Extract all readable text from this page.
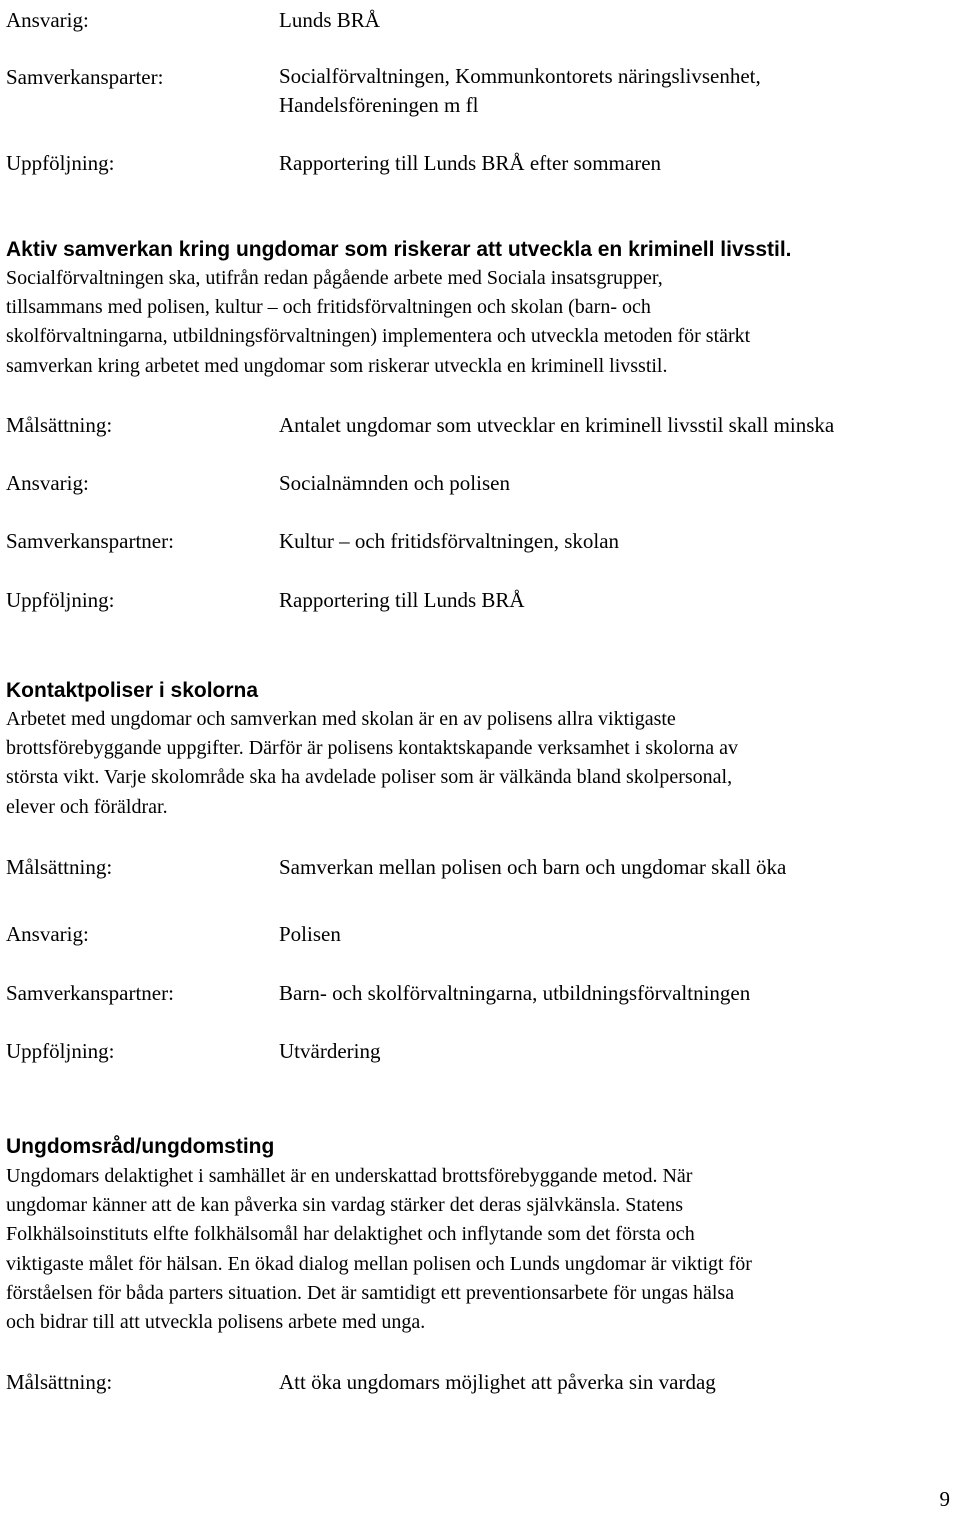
Ansvarig:	Lunds BRÅ
Samverkansparter:	Socialförvaltningen, Kommunkontorets näringslivsenhet,
Handelsföreningen m fl
Uppföljning:	Rapportering till Lunds BRÅ efter sommaren
Aktiv samverkan kring ungdomar som riskerar att utveckla en kriminell livsstil.
Socialförvaltningen ska, utifrån redan pågående arbete med Sociala insatsgrupper,
tillsammans med polisen, kultur – och fritidsförvaltningen och skolan (barn- och
skolförvaltningarna, utbildningsförvaltningen) implementera och utveckla metoden för stärkt
samverkan kring arbetet med ungdomar som riskerar utveckla en kriminell livsstil.
Målsättning:	Antalet ungdomar som utvecklar en kriminell livsstil skall minska
Ansvarig:	Socialnämnden och polisen
Samverkanspartner:	Kultur – och fritidsförvaltningen, skolan
Uppföljning:	Rapportering till Lunds BRÅ
Kontaktpoliser i skolorna
Arbetet med ungdomar och samverkan med skolan är en av polisens allra viktigaste
brottsförebyggande uppgifter. Därför är polisens kontaktskapande verksamhet i skolorna av
största vikt. Varje skolområde ska ha avdelade poliser som är välkända bland skolpersonal,
elever och föräldrar.
Målsättning:	Samverkan mellan polisen och barn och ungdomar skall öka
Ansvarig:	Polisen
Samverkanspartner:	Barn- och skolförvaltningarna, utbildningsförvaltningen
Uppföljning:	Utvärdering
Ungdomsråd/ungdomsting
Ungdomars delaktighet i samhället är en underskattad brottsförebyggande metod. När
ungdomar känner att de kan påverka sin vardag stärker det deras självkänsla. Statens
Folkhälsoinstituts elfte folkhälsomål har delaktighet och inflytande som det första och
viktigaste målet för hälsan. En ökad dialog mellan polisen och Lunds ungdomar är viktigt för
förståelsen för båda parters situation. Det är samtidigt ett preventionsarbete för ungas hälsa
och bidrar till att utveckla polisens arbete med unga.
Målsättning:	Att öka ungdomars möjlighet att påverka sin vardag
9
